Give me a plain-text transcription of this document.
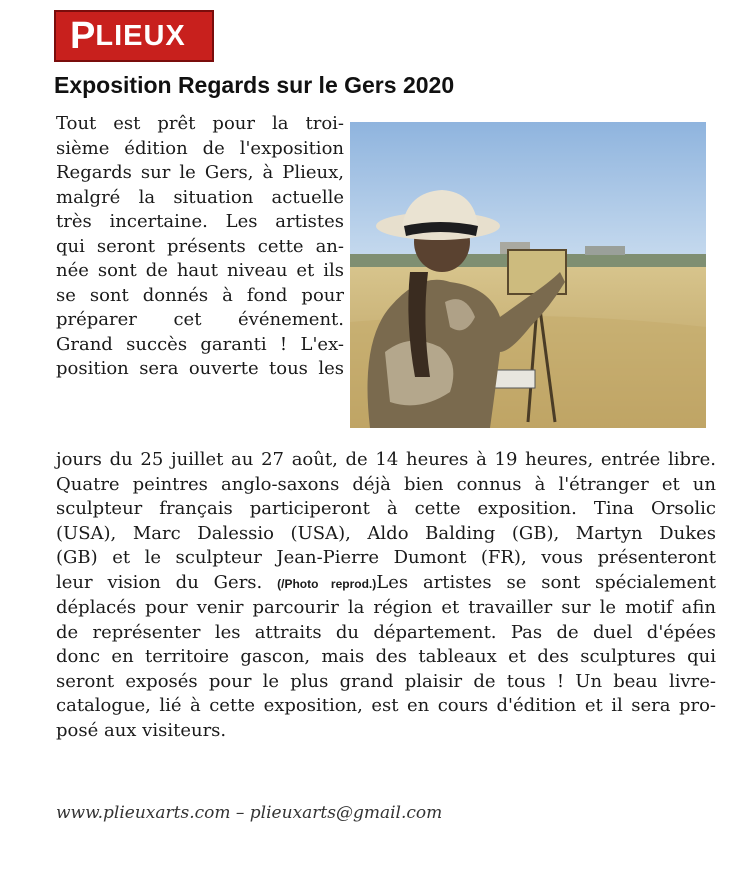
P LIEUX
Exposition Regards sur le Gers 2020
Tout est prêt pour la troi-
sième édition de l'exposition
Regards sur le Gers, à Plieux,
malgré la situation actuelle
très incertaine. Les artistes
qui seront présents cette an-
née sont de haut niveau et ils
se sont donnés à fond pour
préparer cet événement.
Grand succès garanti ! L'ex-
position sera ouverte tous les
jours du 25 juillet au 27 août, de 14 heures à 19 heures, entrée libre.
Quatre peintres anglo-saxons déjà bien connus à l'étranger et un
sculpteur français participeront à cette exposition. Tina Orsolic
(USA), Marc Dalessio (USA), Aldo Balding (GB), Martyn Dukes
(GB) et le sculpteur Jean-Pierre Dumont (FR), vous présenteront
leur vision du Gers. (/Photo reprod.)Les artistes se sont spécialement
déplacés pour venir parcourir la région et travailler sur le motif afin
de représenter les attraits du département. Pas de duel d'épées
donc en territoire gascon, mais des tableaux et des sculptures qui
seront exposés pour le plus grand plaisir de tous ! Un beau livre-
catalogue, lié à cette exposition, est en cours d'édition et il sera pro-
posé aux visiteurs.
www.plieuxarts.com – plieuxarts@gmail.com
